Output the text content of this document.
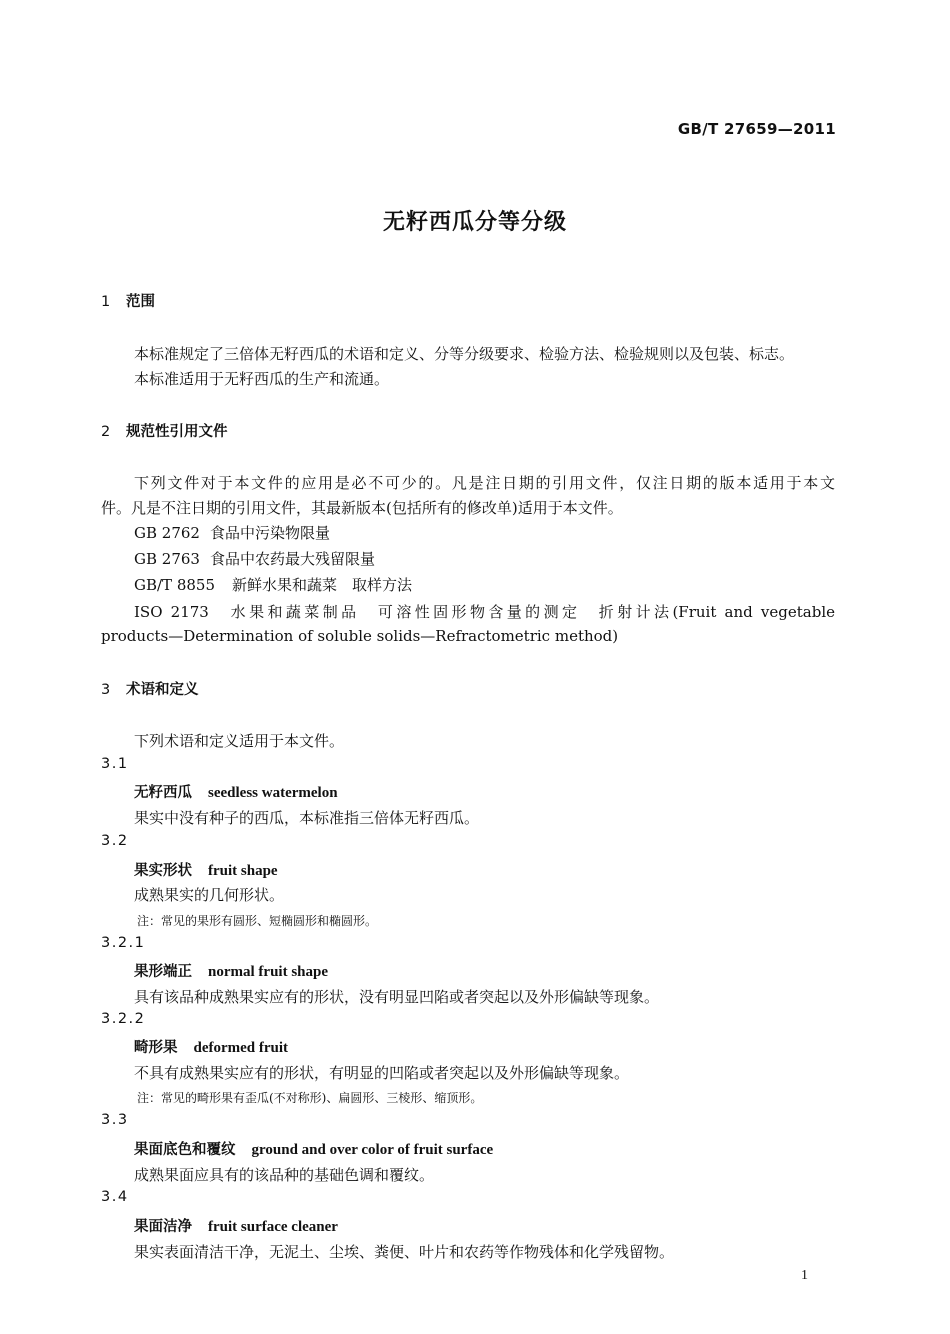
GB/T 27659—2011
无籽西瓜分等分级
1 范围
本标准规定了三倍体无籽西瓜的术语和定义、分等分级要求、检验方法、检验规则以及包装、标志。
本标准适用于无籽西瓜的生产和流通。
2 规范性引用文件
下列文件对于本文件的应用是必不可少的。凡是注日期的引用文件，仅注日期的版本适用于本文
件。凡是不注日期的引用文件，其最新版本(包括所有的修改单)适用于本文件。
GB 2762 食品中污染物限量
GB 2763 食品中农药最大残留限量
GB/T 8855 新鲜水果和蔬菜　取样方法
ISO 2173　水果和蔬菜制品　可溶性固形物含量的测定　折射计法(Fruit and vegetable
products—Determination of soluble solids—Refractometric method)
3 术语和定义
下列术语和定义适用于本文件。
3.1
无籽西瓜 seedless watermelon
果实中没有种子的西瓜，本标准指三倍体无籽西瓜。
3.2
果实形状 fruit shape
成熟果实的几何形状。
注：常见的果形有圆形、短椭圆形和椭圆形。
3.2.1
果形端正 normal fruit shape
具有该品种成熟果实应有的形状，没有明显凹陷或者突起以及外形偏缺等现象。
3.2.2
畸形果 deformed fruit
不具有成熟果实应有的形状，有明显的凹陷或者突起以及外形偏缺等现象。
注：常见的畸形果有歪瓜(不对称形)、扁圆形、三棱形、缩顶形。
3.3
果面底色和覆纹 ground and over color of fruit surface
成熟果面应具有的该品种的基础色调和覆纹。
3.4
果面洁净 fruit surface cleaner
果实表面清洁干净，无泥土、尘埃、粪便、叶片和农药等作物残体和化学残留物。
1
